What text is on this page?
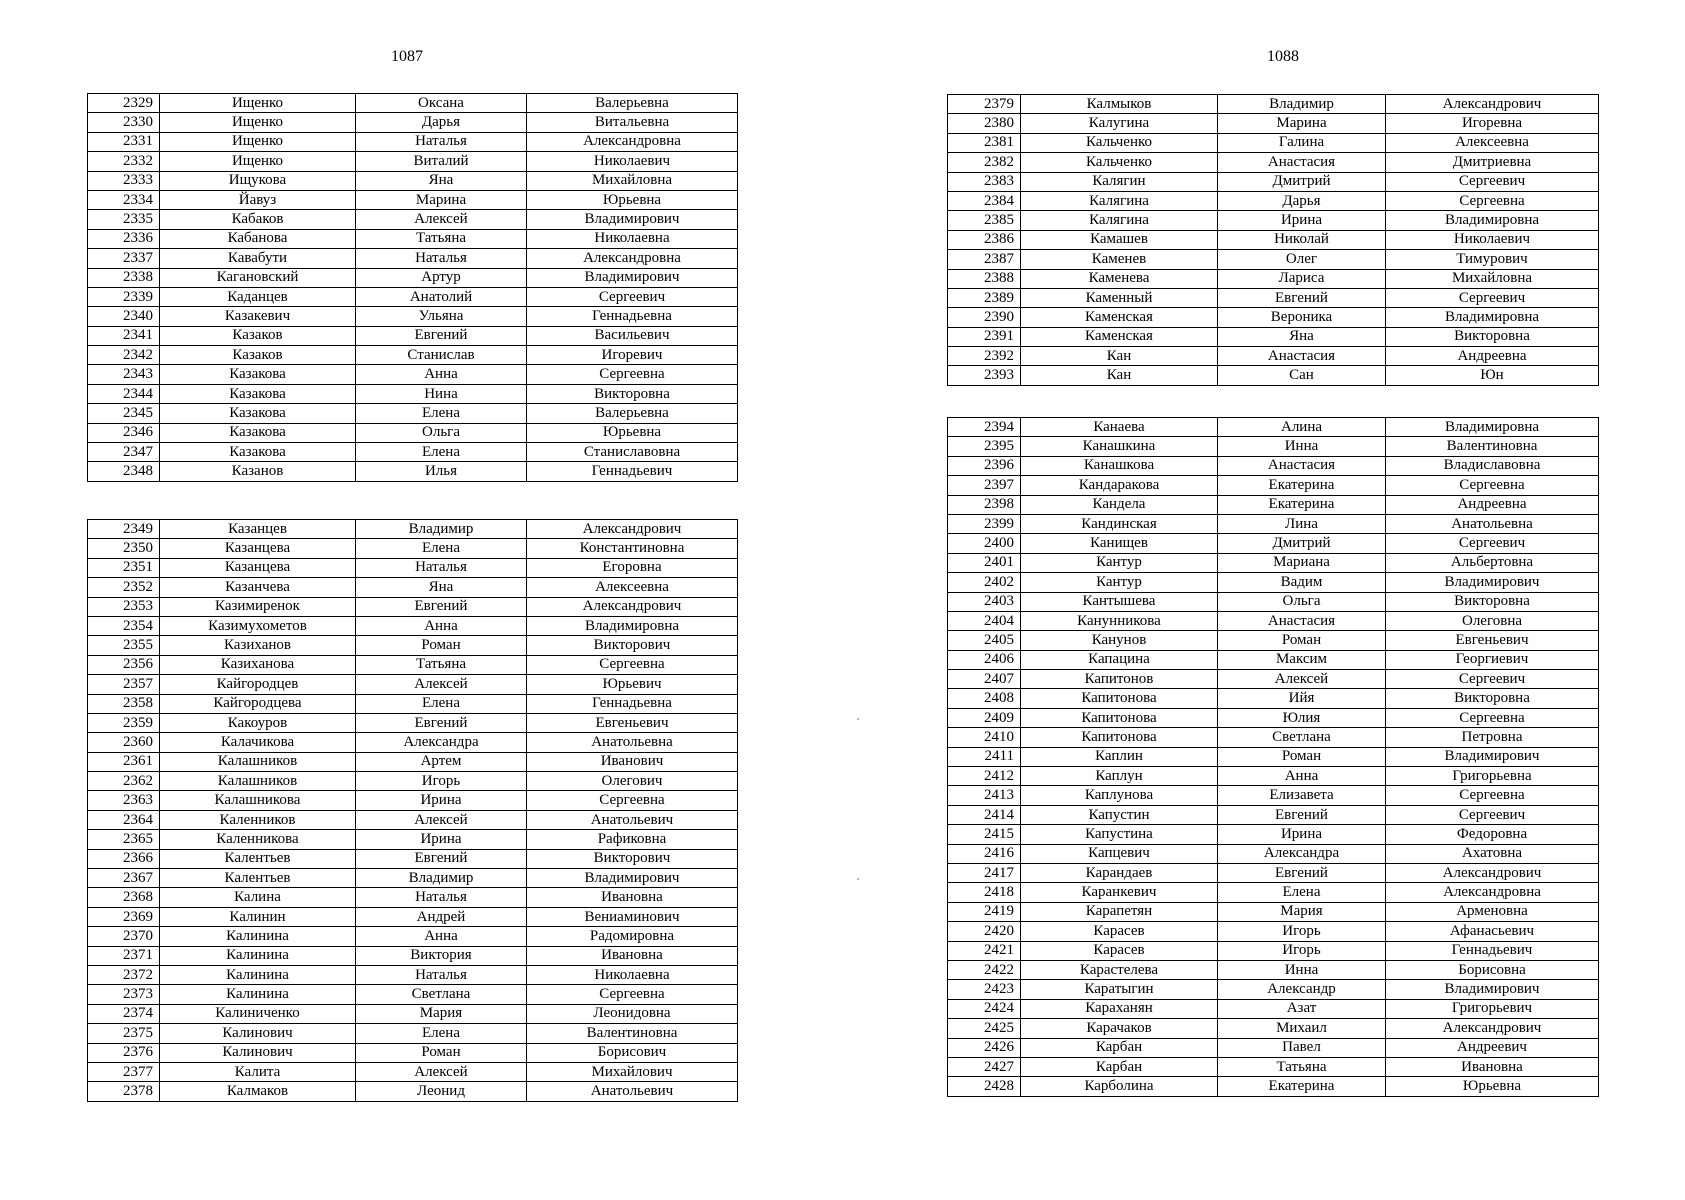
1087	1088
2329	Ищенко	Оксана	Валерьевна
2330	Ищенко	Дарья	Витальевна
2331	Ищенко	Наталья	Александровна
2332	Ищенко	Виталий	Николаевич
2333	Ищукова	Яна	Михайловна
2334	Йавуз	Марина	Юрьевна
2335	Кабаков	Алексей	Владимирович
2336	Кабанова	Татьяна	Николаевна
2337	Кавабути	Наталья	Александровна
2338	Кагановский	Артур	Владимирович
2339	Каданцев	Анатолий	Сергеевич
2340	Казакевич	Ульяна	Геннадьевна
2341	Казаков	Евгений	Васильевич
2342	Казаков	Станислав	Игоревич
2343	Казакова	Анна	Сергеевна
2344	Казакова	Нина	Викторовна
2345	Казакова	Елена	Валерьевна
2346	Казакова	Ольга	Юрьевна
2347	Казакова	Елена	Станиславовна
2348	Казанов	Илья	Геннадьевич
2349	Казанцев	Владимир	Александрович
2350	Казанцева	Елена	Константиновна
2351	Казанцева	Наталья	Егоровна
2352	Казанчева	Яна	Алексеевна
2353	Казимиренок	Евгений	Александрович
2354	Казимухометов	Анна	Владимировна
2355	Казиханов	Роман	Викторович
2356	Казиханова	Татьяна	Сергеевна
2357	Кайгородцев	Алексей	Юрьевич
2358	Кайгородцева	Елена	Геннадьевна
2359	Какоуров	Евгений	Евгеньевич
2360	Калачикова	Александра	Анатольевна
2361	Калашников	Артем	Иванович
2362	Калашников	Игорь	Олегович
2363	Калашникова	Ирина	Сергеевна
2364	Каленников	Алексей	Анатольевич
2365	Каленникова	Ирина	Рафиковна
2366	Калентьев	Евгений	Викторович
2367	Калентьев	Владимир	Владимирович
2368	Калина	Наталья	Ивановна
2369	Калинин	Андрей	Вениаминович
2370	Калинина	Анна	Радомировна
2371	Калинина	Виктория	Ивановна
2372	Калинина	Наталья	Николаевна
2373	Калинина	Светлана	Сергеевна
2374	Калиниченко	Мария	Леонидовна
2375	Калинович	Елена	Валентиновна
2376	Калинович	Роман	Борисович
2377	Калита	Алексей	Михайлович
2378	Калмаков	Леонид	Анатольевич
2379	Калмыков	Владимир	Александрович
2380	Калугина	Марина	Игоревна
2381	Кальченко	Галина	Алексеевна
2382	Кальченко	Анастасия	Дмитриевна
2383	Калягин	Дмитрий	Сергеевич
2384	Калягина	Дарья	Сергеевна
2385	Калягина	Ирина	Владимировна
2386	Камашев	Николай	Николаевич
2387	Каменев	Олег	Тимурович
2388	Каменева	Лариса	Михайловна
2389	Каменный	Евгений	Сергеевич
2390	Каменская	Вероника	Владимировна
2391	Каменская	Яна	Викторовна
2392	Кан	Анастасия	Андреевна
2393	Кан	Сан	Юн
2394	Канаева	Алина	Владимировна
2395	Канашкина	Инна	Валентиновна
2396	Канашкова	Анастасия	Владиславовна
2397	Кандаракова	Екатерина	Сергеевна
2398	Кандела	Екатерина	Андреевна
2399	Кандинская	Лина	Анатольевна
2400	Канищев	Дмитрий	Сергеевич
2401	Кантур	Мариана	Альбертовна
2402	Кантур	Вадим	Владимирович
2403	Кантышева	Ольга	Викторовна
2404	Канунникова	Анастасия	Олеговна
2405	Канунов	Роман	Евгеньевич
2406	Капацина	Максим	Георгиевич
2407	Капитонов	Алексей	Сергеевич
2408	Капитонова	Ийя	Викторовна
2409	Капитонова	Юлия	Сергеевна
2410	Капитонова	Светлана	Петровна
2411	Каплин	Роман	Владимирович
2412	Каплун	Анна	Григорьевна
2413	Каплунова	Елизавета	Сергеевна
2414	Капустин	Евгений	Сергеевич
2415	Капустина	Ирина	Федоровна
2416	Капцевич	Александра	Ахатовна
2417	Карандаев	Евгений	Александрович
2418	Каранкевич	Елена	Александровна
2419	Карапетян	Мария	Арменовна
2420	Карасев	Игорь	Афанасьевич
2421	Карасев	Игорь	Геннадьевич
2422	Карастелева	Инна	Борисовна
2423	Каратыгин	Александр	Владимирович
2424	Караханян	Азат	Григорьевич
2425	Карачаков	Михаил	Александрович
2426	Карбан	Павел	Андреевич
2427	Карбан	Татьяна	Ивановна
2428	Карболина	Екатерина	Юрьевна
